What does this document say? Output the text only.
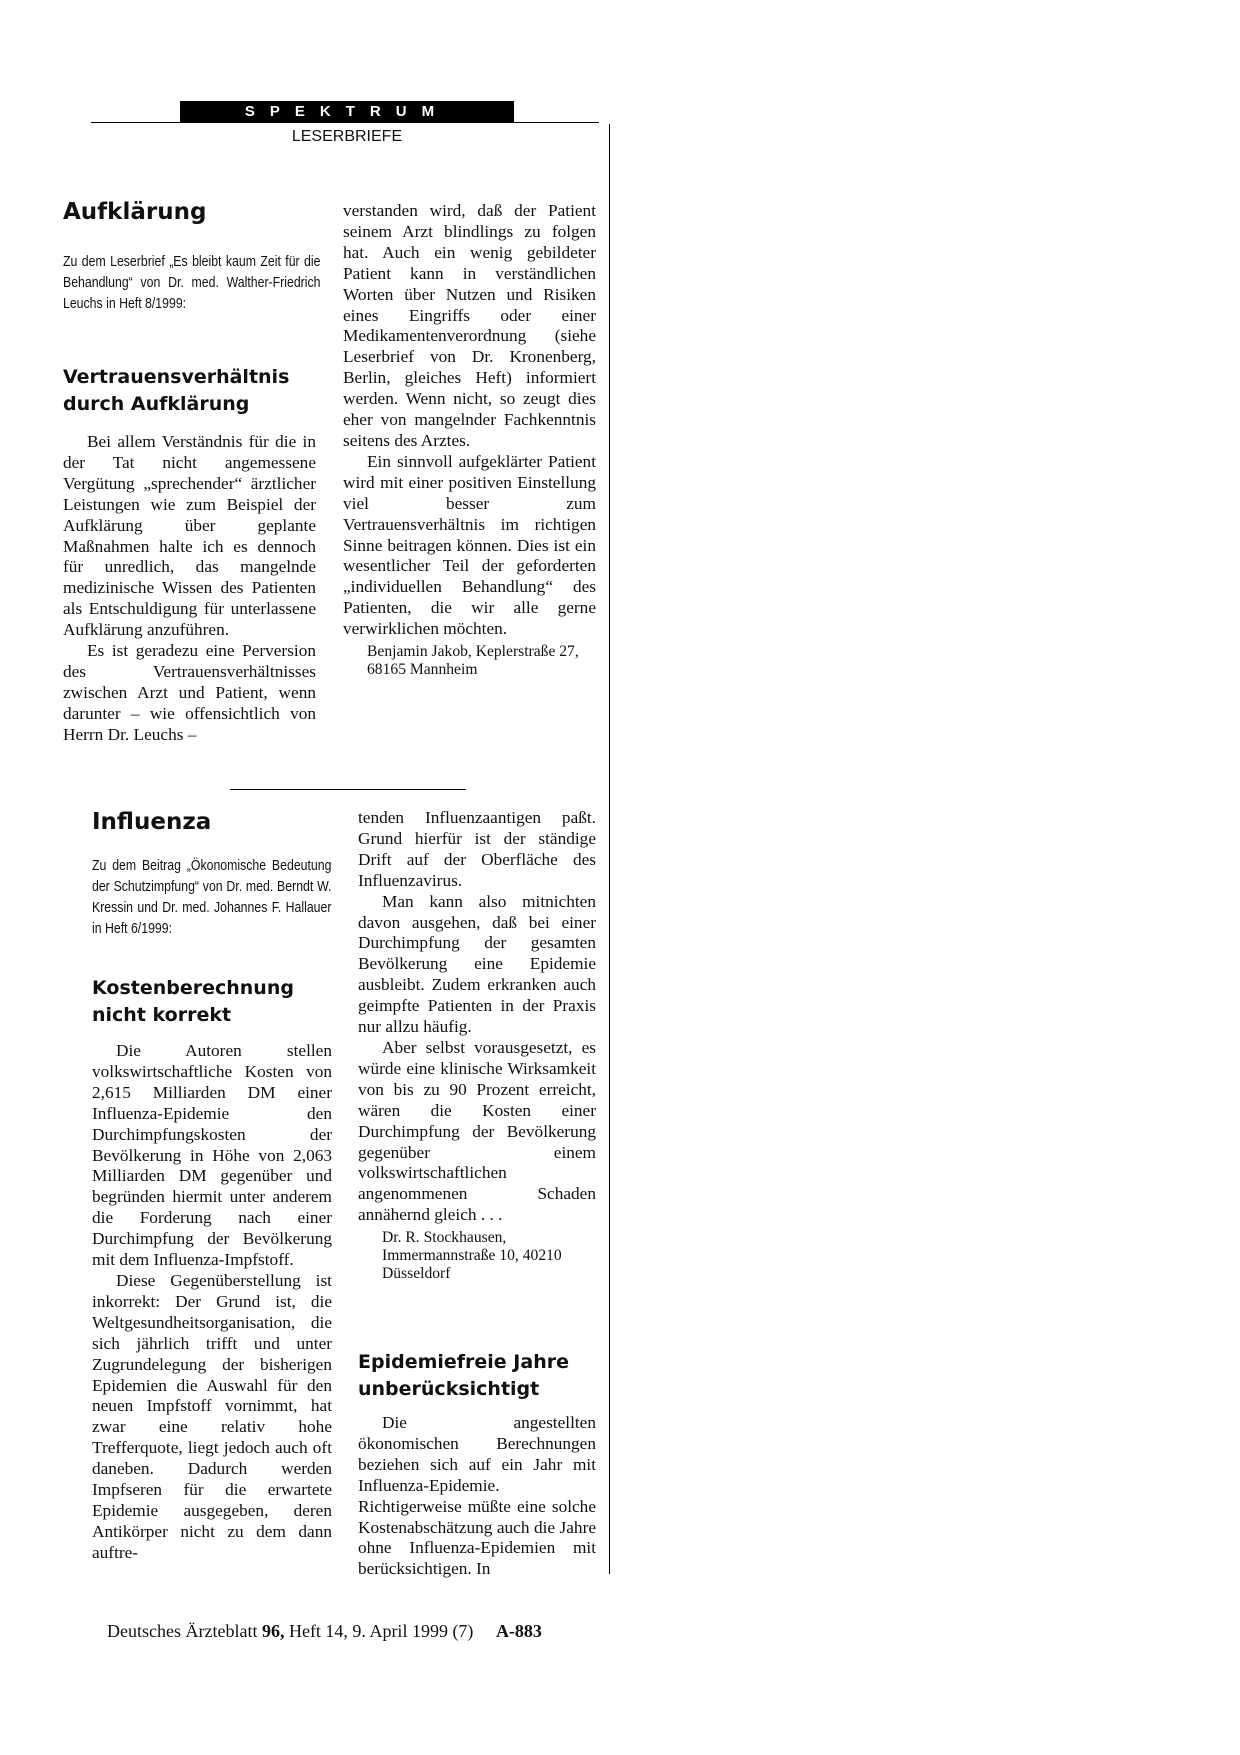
SPEKTRUM
LESERBRIEFE
Aufklärung
Zu dem Leserbrief „Es bleibt kaum Zeit für die Behandlung“ von Dr. med. Walther-Friedrich Leuchs in Heft 8/1999:
Vertrauensverhältnis durch Aufklärung

Bei allem Verständnis für die in der Tat nicht angemessene Vergütung „sprechender“ ärztlicher Leistungen wie zum Beispiel der Aufklärung über geplante Maßnahmen halte ich es dennoch für unredlich, das mangelnde medizinische Wissen des Patienten als Entschuldigung für unterlassene Aufklärung anzuführen.

Es ist geradezu eine Perversion des Vertrauensverhältnisses zwischen Arzt und Patient, wenn darunter – wie offensichtlich von Herrn Dr. Leuchs –

verstanden wird, daß der Patient seinem Arzt blindlings zu folgen hat. Auch ein wenig gebildeter Patient kann in verständlichen Worten über Nutzen und Risiken eines Eingriffs oder einer Medikamentenverordnung (siehe Leserbrief von Dr. Kronenberg, Berlin, gleiches Heft) informiert werden. Wenn nicht, so zeugt dies eher von mangelnder Fachkenntnis seitens des Arztes.

Ein sinnvoll aufgeklärter Patient wird mit einer positiven Einstellung viel besser zum Vertrauensverhältnis im richtigen Sinne beitragen können. Dies ist ein wesentlicher Teil der geforderten „individuellen Behandlung“ des Patienten, die wir alle gerne verwirklichen möchten.

Benjamin Jakob, Keplerstraße 27, 68165 Mannheim

Influenza
Zu dem Beitrag „Ökonomische Bedeutung der Schutzimpfung“ von Dr. med. Berndt W. Kressin und Dr. med. Johannes F. Hallauer in Heft 6/1999:
Kostenberechnung nicht korrekt

Die Autoren stellen volkswirtschaftliche Kosten von 2,615 Milliarden DM einer Influenza-Epidemie den Durchimpfungskosten der Bevölkerung in Höhe von 2,063 Milliarden DM gegenüber und begründen hiermit unter anderem die Forderung nach einer Durchimpfung der Bevölkerung mit dem Influenza-Impfstoff.

Diese Gegenüberstellung ist inkorrekt: Der Grund ist, die Weltgesundheitsorganisation, die sich jährlich trifft und unter Zugrundelegung der bisherigen Epidemien die Auswahl für den neuen Impfstoff vornimmt, hat zwar eine relativ hohe Trefferquote, liegt jedoch auch oft daneben. Dadurch werden Impfseren für die erwartete Epidemie ausgegeben, deren Antikörper nicht zu dem dann auftre-

tenden Influenzaantigen paßt. Grund hierfür ist der ständige Drift auf der Oberfläche des Influenzavirus.

Man kann also mitnichten davon ausgehen, daß bei einer Durchimpfung der gesamten Bevölkerung eine Epidemie ausbleibt. Zudem erkranken auch geimpfte Patienten in der Praxis nur allzu häufig.

Aber selbst vorausgesetzt, es würde eine klinische Wirksamkeit von bis zu 90 Prozent erreicht, wären die Kosten einer Durchimpfung der Bevölkerung gegenüber einem volkswirtschaftlichen angenommenen Schaden annähernd gleich . . .

Dr. R. Stockhausen, Immermannstraße 10, 40210 Düsseldorf

Epidemiefreie Jahre unberücksichtigt

Die angestellten ökonomischen Berechnungen beziehen sich auf ein Jahr mit Influenza-Epidemie. Richtigerweise müßte eine solche Kostenabschätzung auch die Jahre ohne Influenza-Epidemien mit berücksichtigen. In

Deutsches Ärzteblatt 96, Heft 14, 9. April 1999 (7) A-883
